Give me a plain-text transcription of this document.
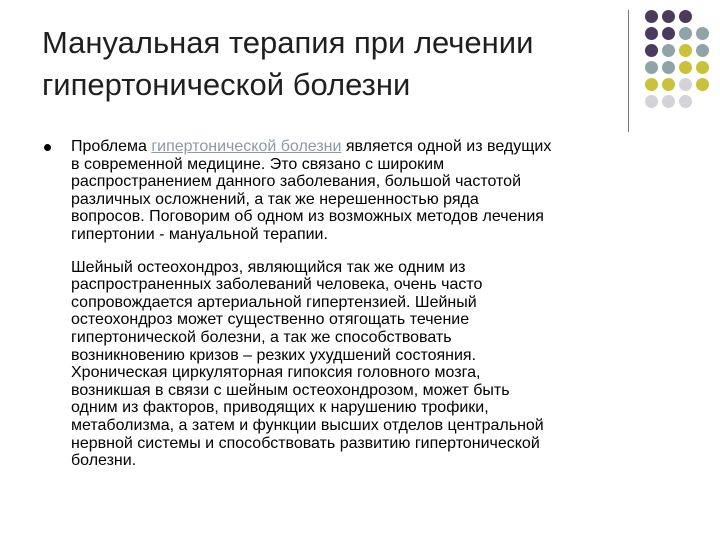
Мануальная терапия при лечении
гипертонической болезни
Проблема гипертонической болезни является одной из ведущих
в современной медицине. Это связано с широким
распространением данного заболевания, большой частотой
различных осложнений, а так же нерешенностью ряда
вопросов. Поговорим об одном из возможных методов лечения
гипертонии - мануальной терапии.
Шейный остеохондроз, являющийся так же одним из
распространенных заболеваний человека, очень часто
сопровождается артериальной гипертензией. Шейный
остеохондроз может существенно отягощать течение
гипертонической болезни, а так же способствовать
возникновению кризов – резких ухудшений состояния.
Хроническая циркуляторная гипоксия головного мозга,
возникшая в связи с шейным остеохондрозом, может быть
одним из факторов, приводящих к нарушению трофики,
метаболизма, а затем и функции высших отделов центральной
нервной системы и способствовать развитию гипертонической
болезни.
